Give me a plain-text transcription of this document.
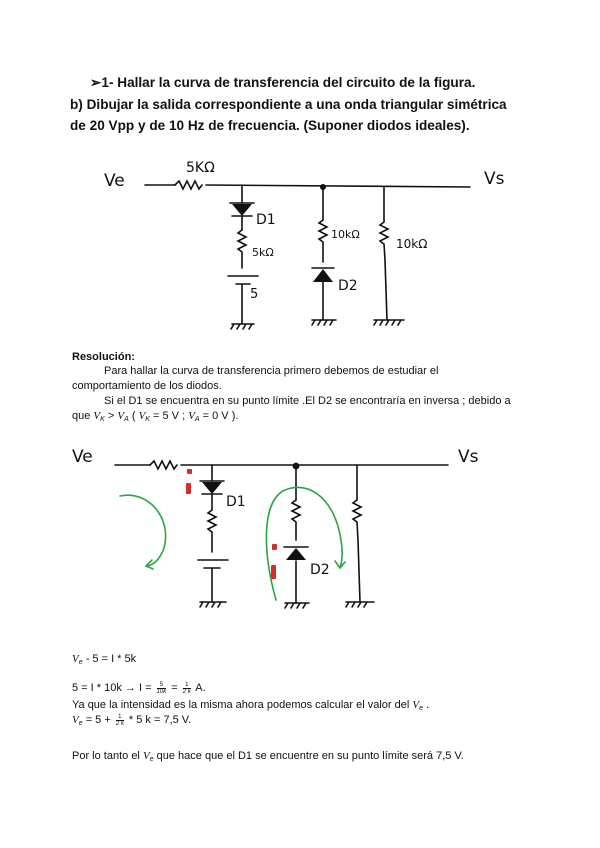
➢1- Hallar la curva de transferencia del circuito de la figura.
b) Dibujar la salida correspondiente a una onda triangular simétrica
de 20 Vpp y de 10 Hz de frecuencia. (Suponer diodos ideales).
Ve	Vs
5KΩ
D1
5kΩ
5
10kΩ
D2
10kΩ
Resolución:
Para hallar la curva de transferencia primero debemos de estudiar el
comportamiento de los diodos.
Si el D1 se encuentra en su punto límite .El D2 se encontraría en inversa ; debido a
que $V_K > V_A$ ( $V_K = 5$ V ; $V_A = 0$ V ).
Ve	Vs
D1
D2
$V_e - 5 = I * 5k$
$5 = I * 10k \to I = \frac{5}{10k} = \frac{1}{2 k} A$.
Ya que la intensidad es la misma ahora podemos calcular el valor del $V_e$ .
$V_e = 5 + \frac{1}{2 k} * 5$ k = 7,5 V.
Por lo tanto el $V_e$ que hace que el D1 se encuentre en su punto límite será 7,5 V.
